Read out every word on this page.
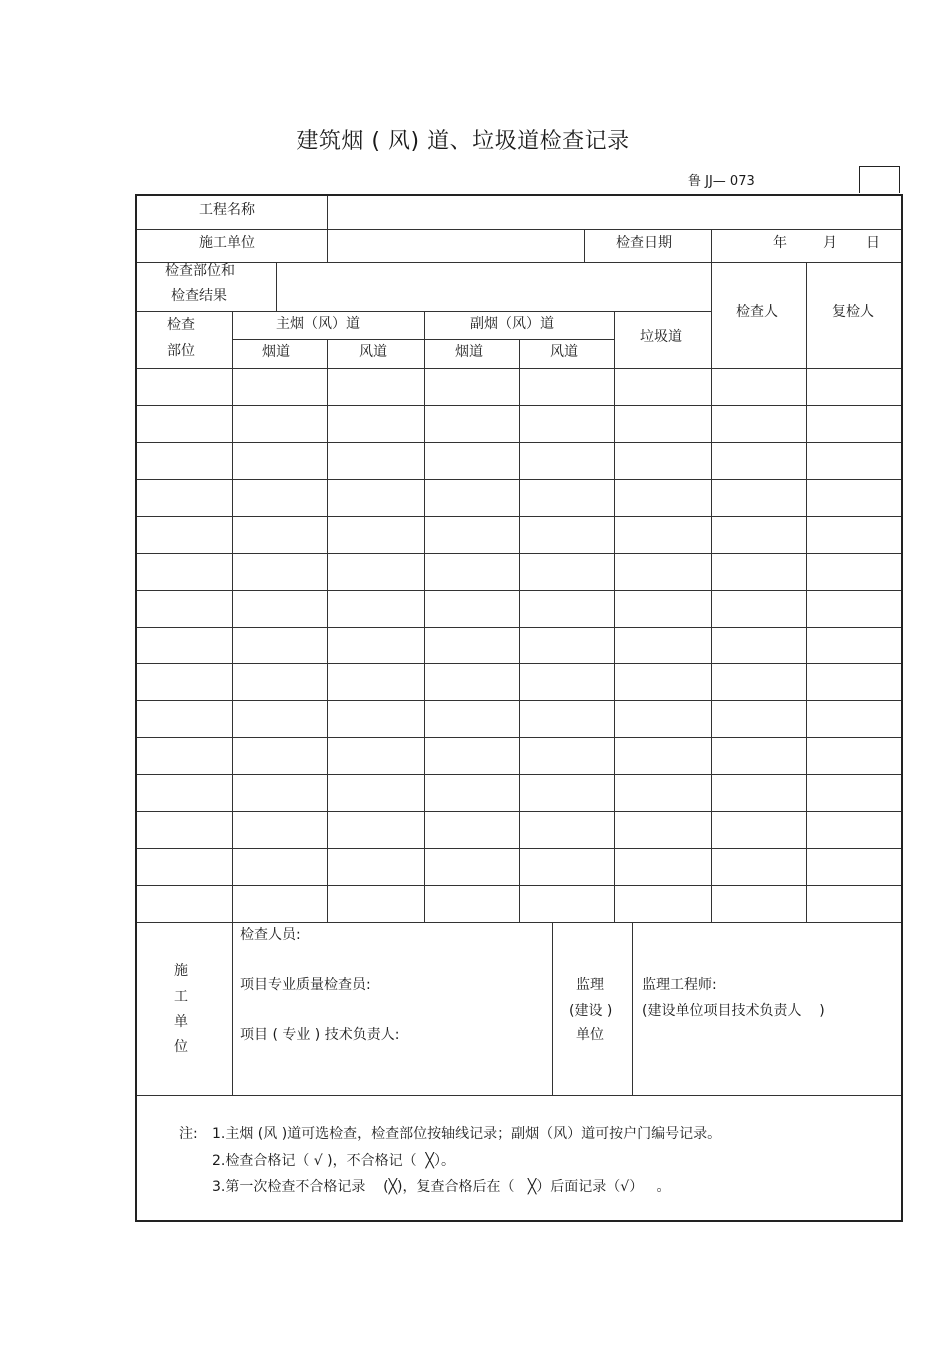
建筑烟 ( 风) 道、垃圾道检查记录
鲁 JJ— 073
工程名称
施工单位	检查日期	年	月 日
检查部位和
检查结果
检查人	复检人
检查
部位
主烟（风）道	副烟（风）道
垃圾道
烟道	风道	烟道	风道
施
工
单
位
检查人员:
项目专业质量检查员:
项目 ( 专业 ) 技术负责人:
监理
(建设 )
单位
监理工程师:
(建设单位项目技术负责人    )
注: 1.主烟 (风 )道可选检查，检查部位按轴线记录；副烟（风）道可按户门编号记录。
2.检查合格记（ √ )，不合格记（  ╳）。
3.第一次检查不合格记录    (╳)，复查合格后在（   ╳）后面记录（√）   。
